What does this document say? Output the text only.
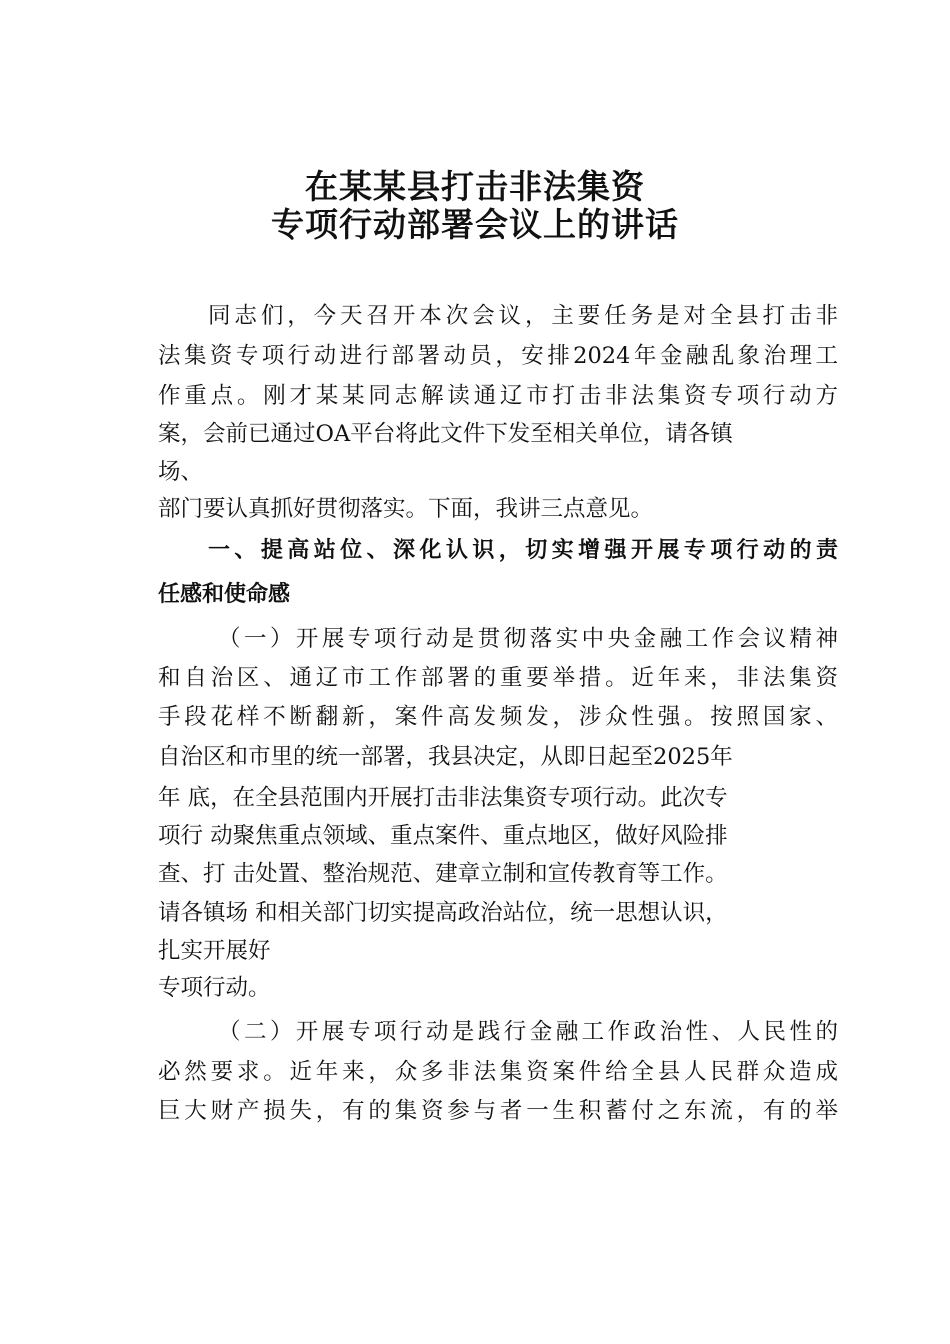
在某某县打击非法集资
专项行动部署会议上的讲话
同志们，今天召开本次会议，主要任务是对全县打击非
法集资专项行动进行部署动员，安排2024年金融乱象治理工
作重点。刚才某某同志解读通辽市打击非法集资专项行动方
案，会前已通过OA平台将此文件下发至相关单位，请各镇
场、
部门要认真抓好贯彻落实。下面，我讲三点意见。
一、提高站位、深化认识，切实增强开展专项行动的责
任感和使命感
（一）开展专项行动是贯彻落实中央金融工作会议精神
和自治区、通辽市工作部署的重要举措。近年来，非法集资
手段花样不断翻新，案件高发频发，涉众性强。按照国家、
自治区和市里的统一部署，我县决定，从即日起至2025年
年 底，在全县范围内开展打击非法集资专项行动。此次专
项行 动聚焦重点领域、重点案件、重点地区，做好风险排
查、打 击处置、整治规范、建章立制和宣传教育等工作。
请各镇场 和相关部门切实提高政治站位，统一思想认识，
扎实开展好
专项行动。
（二）开展专项行动是践行金融工作政治性、人民性的
必然要求。近年来，众多非法集资案件给全县人民群众造成
巨大财产损失，有的集资参与者一生积蓄付之东流，有的举
